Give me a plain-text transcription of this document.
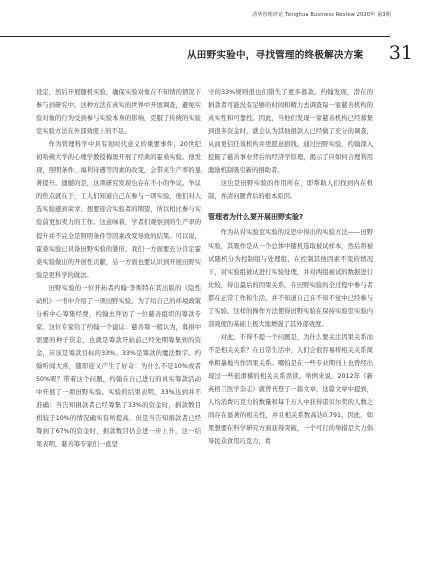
清华管理评论 Tsinghua Business Review 2020年 第3期
从田野实验中，寻找管理的终极解决方案 31

设定，然后开展随机实验，确保实验对象在不知情的情况下参与到研究中。这种方法在真实的世界中开展调查，避免实验对象的行为受到参与实验本身的影响，克服了传统的实验室实验方法在外部效度上的不足。

作为管理科学中具有划时代意义的重要事件，20世纪初哈佛大学的心理学教授梅奥开展了经典的霍桑实验。他发现，照明条件、福利待遇等因素的改变，会带来生产率的显著提升。遗憾的是，这项研究发现也存在不小的争议。争议的焦点就在于，工人们知道自己在参与一项实验，他们对人选实验感到荣幸、想要迎合实验者的期望，所以相比参与实验前更加卖力的工作。这意味着，学者们观察到的生产率的提升并不完全是照明条件等因素改变导致的结果。可以说，霍桑实验已具备田野实验的雏形，我们一方面要充分肯定霍桑实验做出的开创性贡献，另一方面也要认识到开展田野实验是更科学的做法。

田野实验的一位开拓者约翰·李斯特在其出版的《隐性动机》一书中介绍了一项田野实验。为了给自己的环境政策分析中心筹集经费，约翰去拜访了一位慈善组织的筹款专家。这位专家给了约翰一个建议：慈善筹一般认为，募捐中需要的种子资金，也就是筹款开始前已经先期筹集到的资金，应该是筹款目标的33%。33%是筹款的魔法数字。约翰听闻大喜，随即迎又产生了好奇：为什么不是10%或者50%呢？带着这个问题，约翰在自己进行的真实筹款活动中开展了一项田野实验。实验的结果表明，33%达到并不准确：当告知捐款者已经筹集了33%的资金时，捐款数目相较于10%的情况确实有所提高，但是当告知捐款者已经筹到了67%的资金时，捐款数目仍会进一步上升，这一结果表明，慈善筹专家们一直坚

守的33%规则很也们错失了更多募款。约翰发现，潜在的捐款者可能没有足够的时间和精力去调查每一家慈善机构的真实性和可靠性。因此，当他们发现一家慈善机构已经募集到很多资金时，就会认为其他捐款人已经做了充分的调查，从而更信任该机构并更愿意捐钱。通过田野实验，约翰深入挖掘了慈善事业背后的经济学原理，揭示了应如何合理利用激励机制吸引新的捐助者。

这也是田野实验的作用所在，即帮助人们找到内在机制，弄清问题背后的根本原因。

管理者为什么要开展田野实验?

作为从对实验室实验的反思中得出的实验方法——田野实验，其吸作是从一个总体中随机选取被试样本，然后将被试随机分为控制组与处理组，在控制其他因素不变的情况下，对实验组被试进行实验处理，并对两组被试的数据进行比较，得出最后的因果关系。在田野实验的全过程中参与者都在正常工作和生活，并不知道自己在不知不觉中已经参与了实验。这样的操作方法使得田野实验在保持实验室实验内部效度的基础上极大地增强了其外部效度。

对此，不得不提一个问题是，为什么要关注因果关系而不是相关关系？在日常生活中，人们会很容易将相关关系简单粗暴地当作因果关系。哪怕是在一些专业期刊上也曾经出现过一些很滑稽的相关关系误读。举例来说，2012年《新英格兰医学杂志》就曾刊登了一篇文章，这篇文章中提到，人均消费巧克力的数量和每千万人中获得诺贝尔奖的人数之间存在显著的相关性，并且相关系数高达0.791。因此，如果想要在科学研究方面获得突破，一个可行的举措是大力倡导民众食用巧克力，看
